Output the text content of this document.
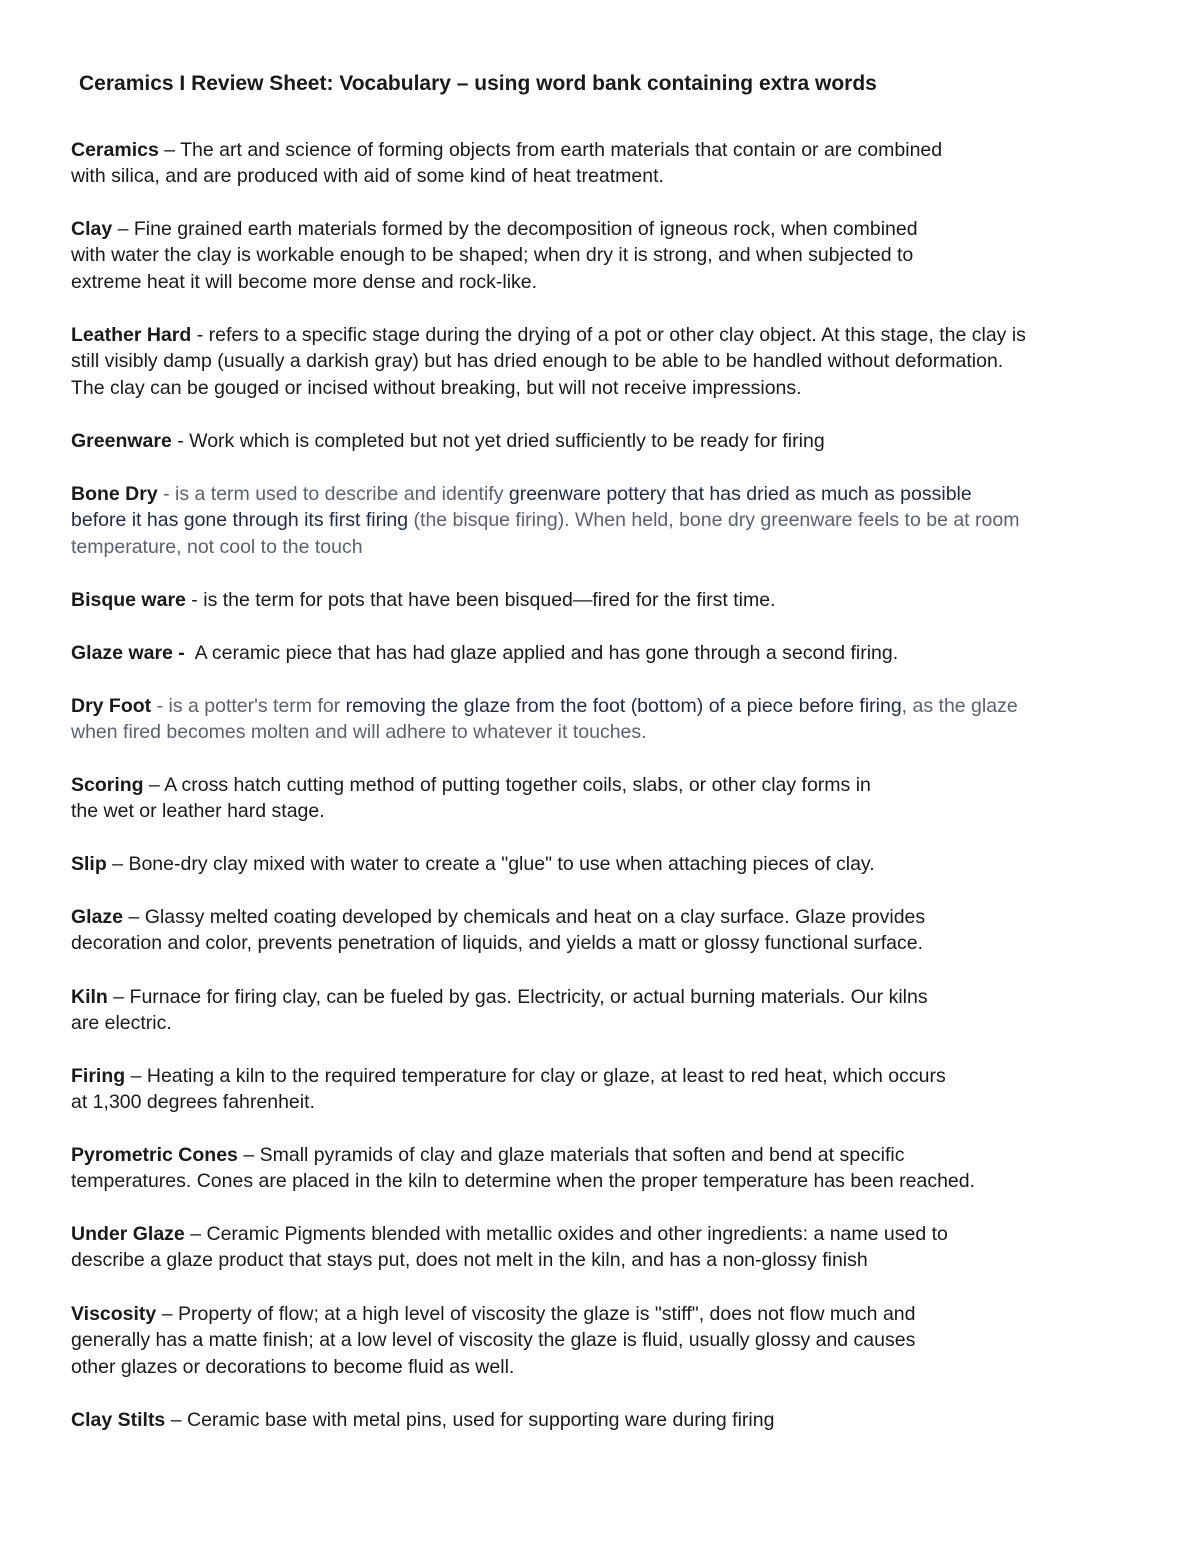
Ceramics I Review Sheet: Vocabulary – using word bank containing extra words

Ceramics – The art and science of forming objects from earth materials that contain or are combined
with silica, and are produced with aid of some kind of heat treatment.

Clay – Fine grained earth materials formed by the decomposition of igneous rock, when combined
with water the clay is workable enough to be shaped; when dry it is strong, and when subjected to
extreme heat it will become more dense and rock-like.

Leather Hard - refers to a specific stage during the drying of a pot or other clay object. At this stage, the clay is
still visibly damp (usually a darkish gray) but has dried enough to be able to be handled without deformation.
The clay can be gouged or incised without breaking, but will not receive impressions.

Greenware - Work which is completed but not yet dried sufficiently to be ready for firing

Bone Dry - is a term used to describe and identify greenware pottery that has dried as much as possible
before it has gone through its first firing (the bisque firing). When held, bone dry greenware feels to be at room
temperature, not cool to the touch

Bisque ware - is the term for pots that have been bisqued—fired for the first time.

Glaze ware - A ceramic piece that has had glaze applied and has gone through a second firing.

Dry Foot - is a potter's term for removing the glaze from the foot (bottom) of a piece before firing, as the glaze
when fired becomes molten and will adhere to whatever it touches.

Scoring – A cross hatch cutting method of putting together coils, slabs, or other clay forms in
the wet or leather hard stage.

Slip – Bone-dry clay mixed with water to create a "glue" to use when attaching pieces of clay.

Glaze – Glassy melted coating developed by chemicals and heat on a clay surface. Glaze provides
decoration and color, prevents penetration of liquids, and yields a matt or glossy functional surface.

Kiln – Furnace for firing clay, can be fueled by gas. Electricity, or actual burning materials. Our kilns
are electric.

Firing – Heating a kiln to the required temperature for clay or glaze, at least to red heat, which occurs
at 1,300 degrees fahrenheit.

Pyrometric Cones – Small pyramids of clay and glaze materials that soften and bend at specific
temperatures. Cones are placed in the kiln to determine when the proper temperature has been reached.

Under Glaze – Ceramic Pigments blended with metallic oxides and other ingredients: a name used to
describe a glaze product that stays put, does not melt in the kiln, and has a non-glossy finish

Viscosity – Property of flow; at a high level of viscosity the glaze is "stiff", does not flow much and
generally has a matte finish; at a low level of viscosity the glaze is fluid, usually glossy and causes
other glazes or decorations to become fluid as well.

Clay Stilts – Ceramic base with metal pins, used for supporting ware during firing
